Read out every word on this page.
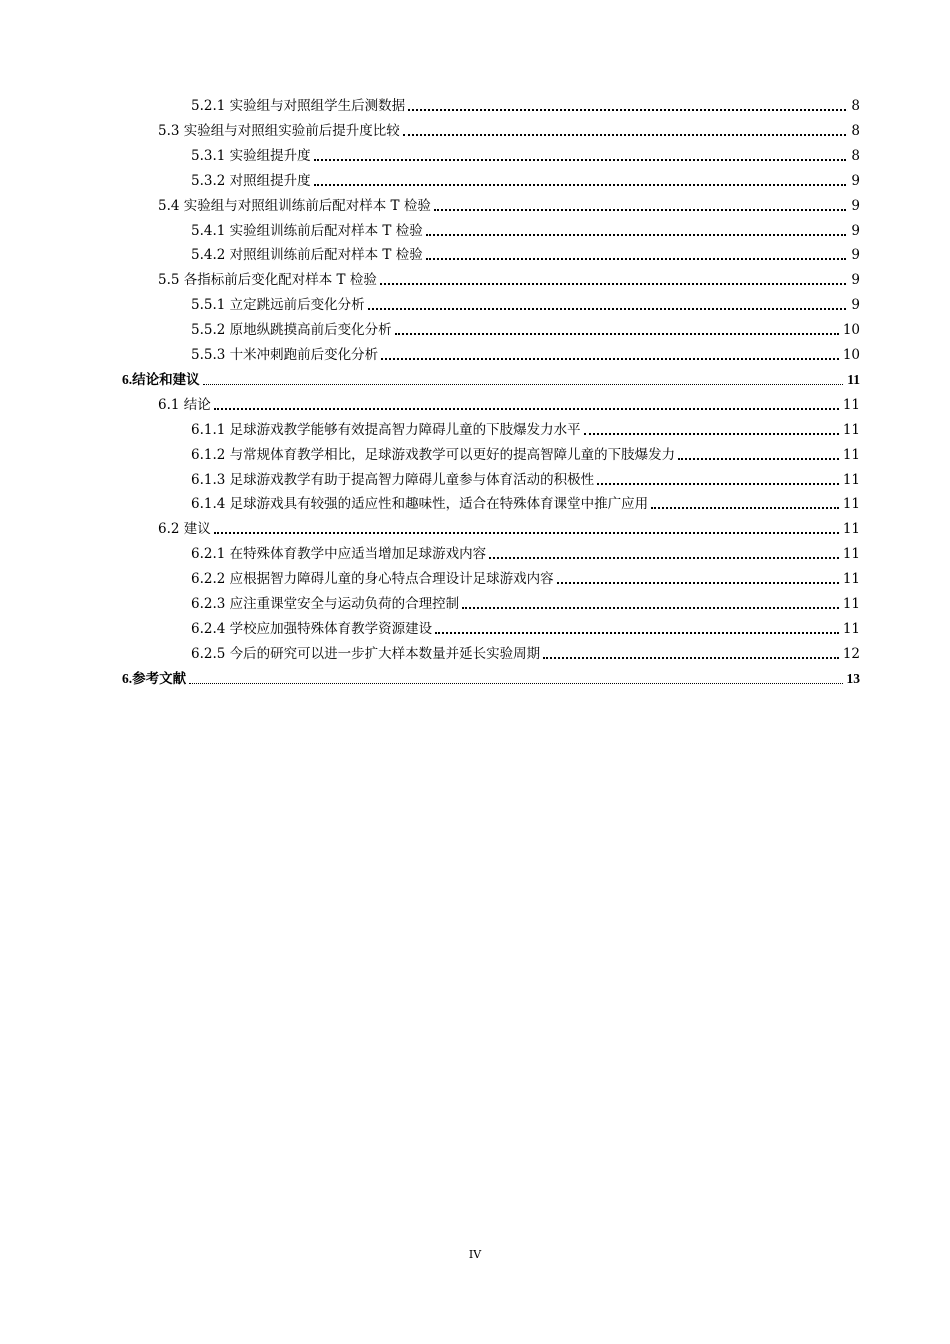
5.2.1 实验组与对照组学生后测数据	8
5.3 实验组与对照组实验前后提升度比较	8
5.3.1 实验组提升度	8
5.3.2 对照组提升度	9
5.4 实验组与对照组训练前后配对样本 T 检验	9
5.4.1 实验组训练前后配对样本 T 检验	9
5.4.2 对照组训练前后配对样本 T 检验	9
5.5 各指标前后变化配对样本 T 检验	9
5.5.1 立定跳远前后变化分析	9
5.5.2 原地纵跳摸高前后变化分析	10
5.5.3 十米冲刺跑前后变化分析	10
6.结论和建议	11
6.1 结论	11
6.1.1 足球游戏教学能够有效提高智力障碍儿童的下肢爆发力水平	11
6.1.2 与常规体育教学相比，足球游戏教学可以更好的提高智障儿童的下肢爆发力	11
6.1.3 足球游戏教学有助于提高智力障碍儿童参与体育活动的积极性	11
6.1.4 足球游戏具有较强的适应性和趣味性，适合在特殊体育课堂中推广应用	11
6.2 建议	11
6.2.1 在特殊体育教学中应适当增加足球游戏内容	11
6.2.2 应根据智力障碍儿童的身心特点合理设计足球游戏内容	11
6.2.3 应注重课堂安全与运动负荷的合理控制	11
6.2.4 学校应加强特殊体育教学资源建设	11
6.2.5 今后的研究可以进一步扩大样本数量并延长实验周期	12
6.参考文献	13
IV
